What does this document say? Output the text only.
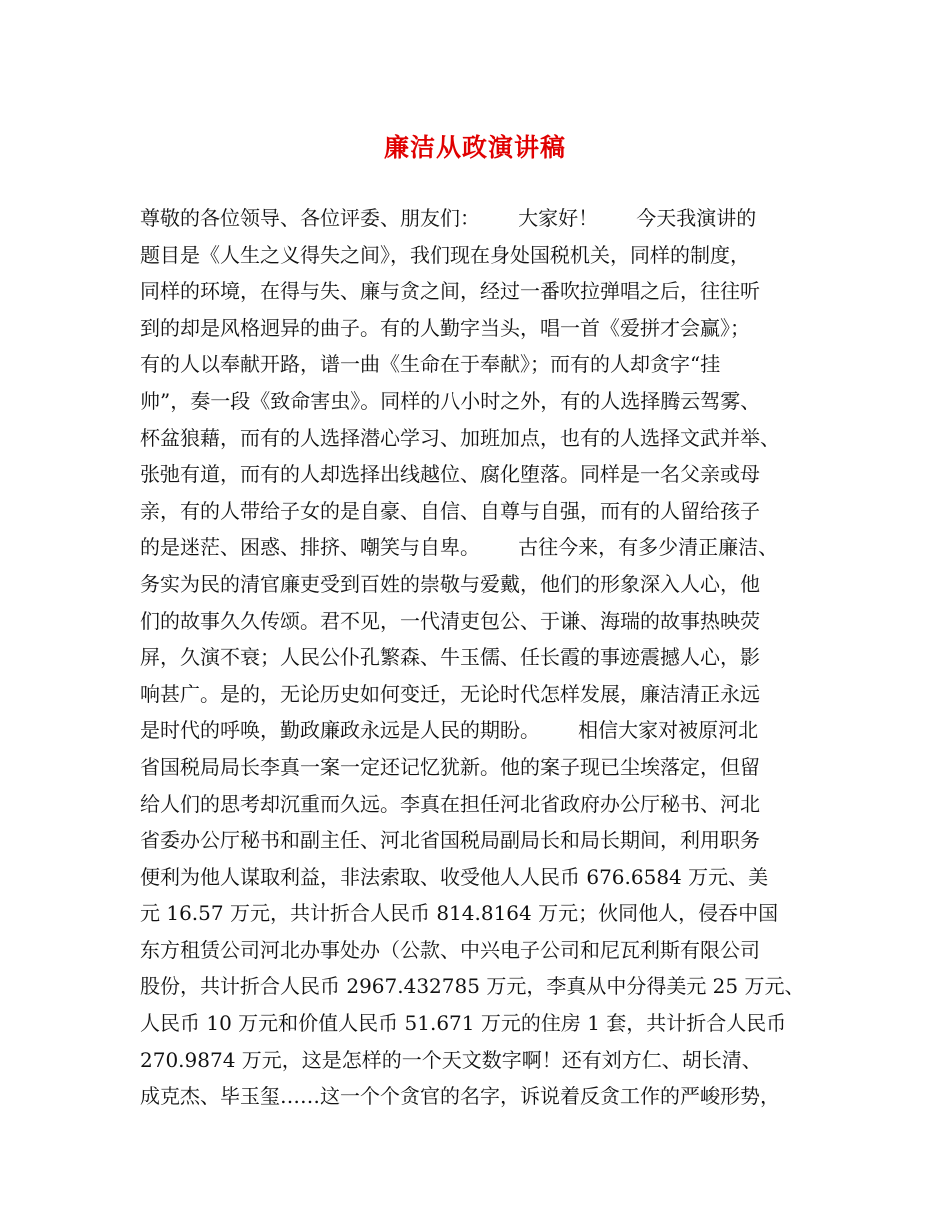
廉洁从政演讲稿
尊敬的各位领导、各位评委、朋友们：      大家好！      今天我演讲的
题目是《人生之义得失之间》，我们现在身处国税机关，同样的制度，
同样的环境，在得与失、廉与贪之间，经过一番吹拉弹唱之后，往往听
到的却是风格迥异的曲子。有的人勤字当头，唱一首《爱拼才会赢》；
有的人以奉献开路，谱一曲《生命在于奉献》；而有的人却贪字“挂
帅”，奏一段《致命害虫》。同样的八小时之外，有的人选择腾云驾雾、
杯盆狼藉，而有的人选择潜心学习、加班加点，也有的人选择文武并举、
张弛有道，而有的人却选择出线越位、腐化堕落。同样是一名父亲或母
亲，有的人带给子女的是自豪、自信、自尊与自强，而有的人留给孩子
的是迷茫、困惑、排挤、嘲笑与自卑。      古往今来，有多少清正廉洁、
务实为民的清官廉吏受到百姓的崇敬与爱戴，他们的形象深入人心，他
们的故事久久传颂。君不见，一代清吏包公、于谦、海瑞的故事热映荧
屏，久演不衰；人民公仆孔繁森、牛玉儒、任长霞的事迹震撼人心，影
响甚广。是的，无论历史如何变迁，无论时代怎样发展，廉洁清正永远
是时代的呼唤，勤政廉政永远是人民的期盼。      相信大家对被原河北
省国税局局长李真一案一定还记忆犹新。他的案子现已尘埃落定，但留
给人们的思考却沉重而久远。李真在担任河北省政府办公厅秘书、河北
省委办公厅秘书和副主任、河北省国税局副局长和局长期间，利用职务
便利为他人谋取利益，非法索取、收受他人人民币 676.6584 万元、美
元 16.57 万元，共计折合人民币 814.8164 万元；伙同他人，侵吞中国
东方租赁公司河北办事处办（公款、中兴电子公司和尼瓦利斯有限公司
股份，共计折合人民币 2967.432785 万元，李真从中分得美元 25 万元、
人民币 10 万元和价值人民币 51.671 万元的住房 1 套，共计折合人民币
270.9874 万元，这是怎样的一个天文数字啊！还有刘方仁、胡长清、
成克杰、毕玉玺……这一个个贪官的名字，诉说着反贪工作的严峻形势，
